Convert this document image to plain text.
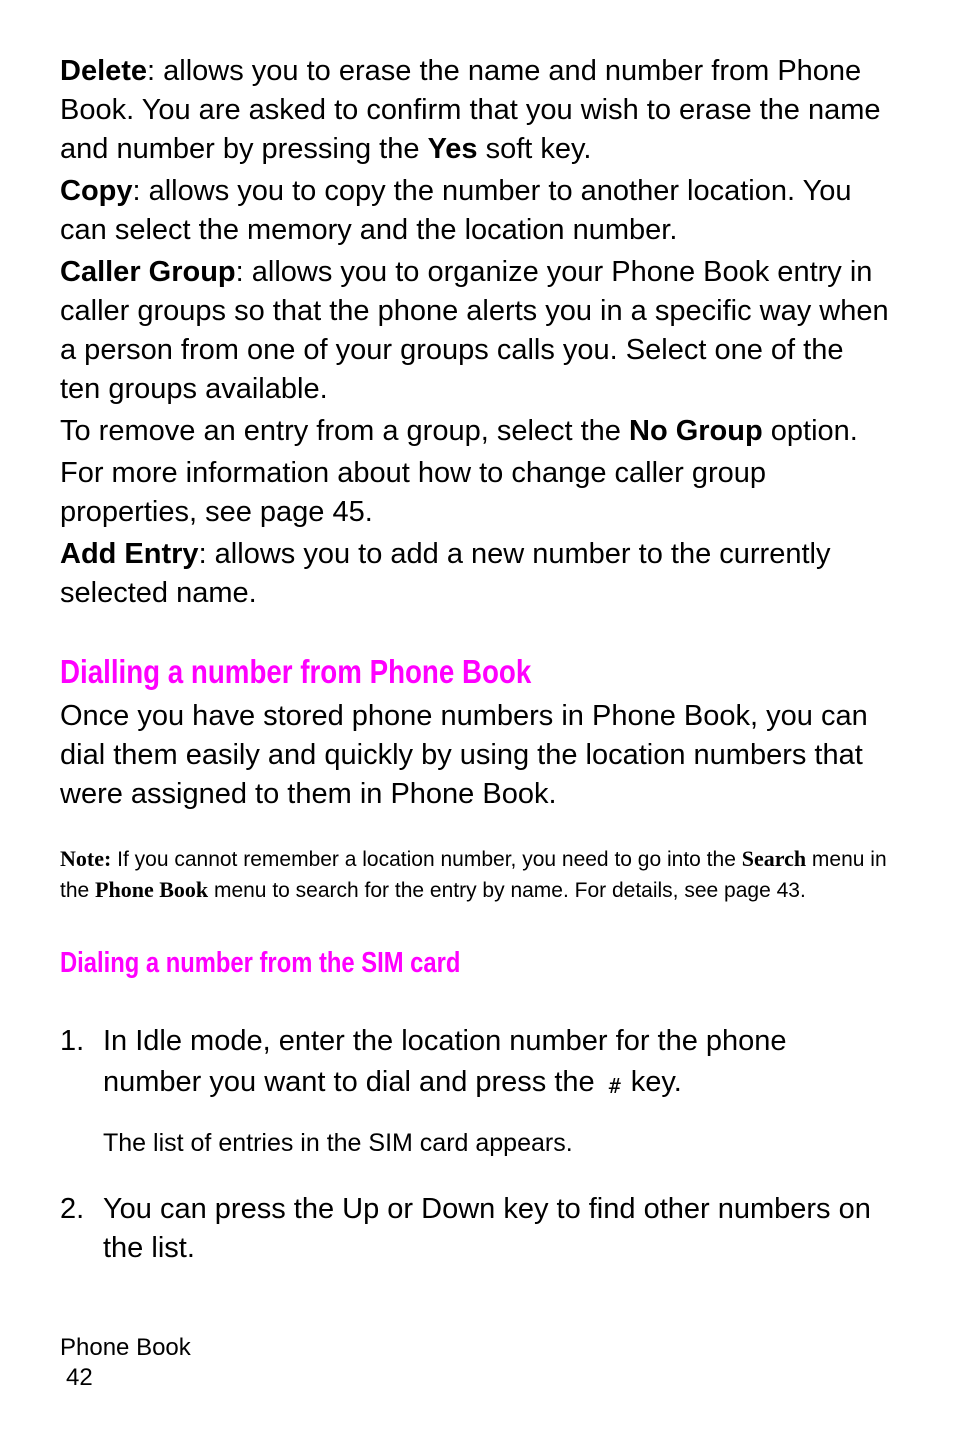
Delete: allows you to erase the name and number from Phone Book. You are asked to confirm that you wish to erase the name and number by pressing the Yes soft key.

Copy: allows you to copy the number to another location. You can select the memory and the location number.

Caller Group: allows you to organize your Phone Book entry in caller groups so that the phone alerts you in a specific way when a person from one of your groups calls you. Select one of the ten groups available.

To remove an entry from a group, select the No Group option.

For more information about how to change caller group properties, see page 45.

Add Entry: allows you to add a new number to the currently selected name.

Dialling a number from Phone Book

Once you have stored phone numbers in Phone Book, you can dial them easily and quickly by using the location numbers that were assigned to them in Phone Book.

Note: If you cannot remember a location number, you need to go into the Search menu in the Phone Book menu to search for the entry by name. For details, see page 43.

Dialing a number from the SIM card
1. In Idle mode, enter the location number for the phone number you want to dial and press the # key.

The list of entries in the SIM card appears.

2. You can press the Up or Down key to find other numbers on the list.
Phone Book
42
